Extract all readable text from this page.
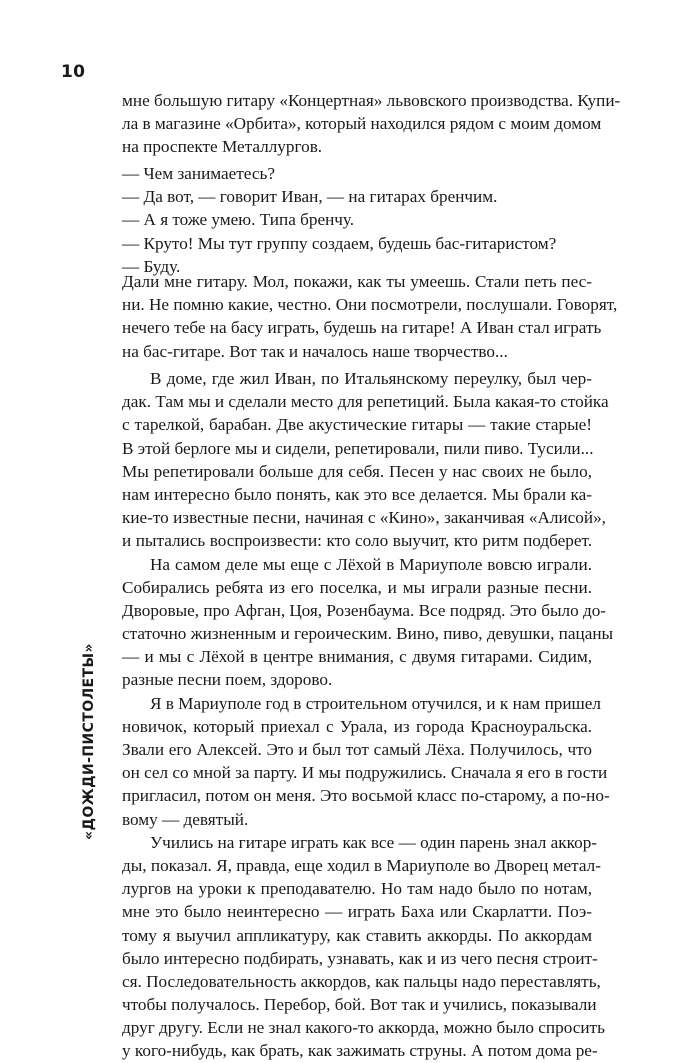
10
«ДОЖДИ-ПИСТОЛЕТЫ»
мне большую гитару «Концертная» львовского производства. Купи-
ла в магазине «Орбита», который находился рядом с моим домом
на проспекте Металлургов.
— Чем занимаетесь?
— Да вот, — говорит Иван, — на гитарах бренчим.
— А я тоже умею. Типа бренчу.
— Круто! Мы тут группу создаем, будешь бас-гитаристом?
— Буду.
Дали мне гитару. Мол, покажи, как ты умеешь. Стали петь пес-
ни. Не помню какие, честно. Они посмотрели, послушали. Говорят,
нечего тебе на басу играть, будешь на гитаре! А Иван стал играть
на бас-гитаре. Вот так и началось наше творчество...
В доме, где жил Иван, по Итальянскому переулку, был чер-
дак. Там мы и сделали место для репетиций. Была какая-то стойка
с тарелкой, барабан. Две акустические гитары — такие старые!
В этой берлоге мы и сидели, репетировали, пили пиво. Тусили...
Мы репетировали больше для себя. Песен у нас своих не было,
нам интересно было понять, как это все делается. Мы брали ка-
кие-то известные песни, начиная с «Кино», заканчивая «Алисой»,
и пытались воспроизвести: кто соло выучит, кто ритм подберет.
На самом деле мы еще с Лёхой в Мариуполе вовсю играли.
Собирались ребята из его поселка, и мы играли разные песни.
Дворовые, про Афган, Цоя, Розенбаума. Все подряд. Это было до-
статочно жизненным и героическим. Вино, пиво, девушки, пацаны
— и мы с Лёхой в центре внимания, с двумя гитарами. Сидим,
разные песни поем, здорово.
Я в Мариуполе год в строительном отучился, и к нам пришел
новичок, который приехал с Урала, из города Красноуральска.
Звали его Алексей. Это и был тот самый Лёха. Получилось, что
он сел со мной за парту. И мы подружились. Сначала я его в гости
пригласил, потом он меня. Это восьмой класс по-старому, а по-но-
вому — девятый.
Учились на гитаре играть как все — один парень знал аккор-
ды, показал. Я, правда, еще ходил в Мариуполе во Дворец метал-
лургов на уроки к преподавателю. Но там надо было по нотам,
мне это было неинтересно — играть Баха или Скарлатти. Поэ-
тому я выучил аппликатуру, как ставить аккорды. По аккордам
было интересно подбирать, узнавать, как и из чего песня строит-
ся. Последовательность аккордов, как пальцы надо переставлять,
чтобы получалось. Перебор, бой. Вот так и учились, показывали
друг другу. Если не знал какого-то аккорда, можно было спросить
у кого-нибудь, как брать, как зажимать струны. А потом дома ре-
